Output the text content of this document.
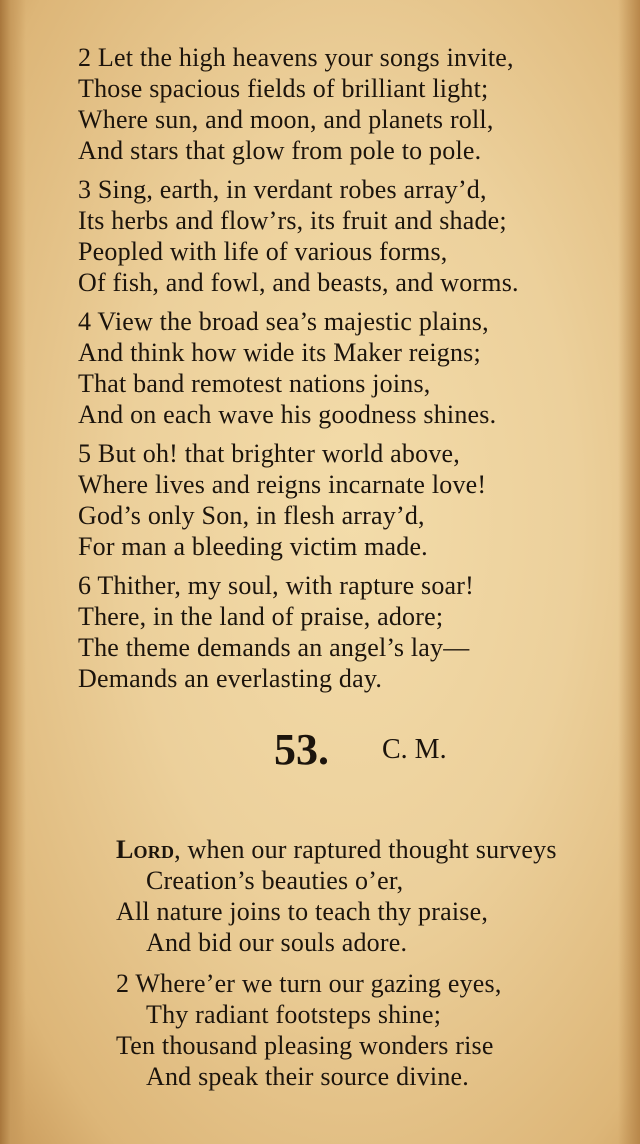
2 Let the high heavens your songs invite,
Those spacious fields of brilliant light;
Where sun, and moon, and planets roll,
And stars that glow from pole to pole.
3 Sing, earth, in verdant robes array’d,
Its herbs and flow’rs, its fruit and shade;
Peopled with life of various forms,
Of fish, and fowl, and beasts, and worms.
4 View the broad sea’s majestic plains,
And think how wide its Maker reigns;
That band remotest nations joins,
And on each wave his goodness shines.
5 But oh! that brighter world above,
Where lives and reigns incarnate love!
God’s only Son, in flesh array’d,
For man a bleeding victim made.
6 Thither, my soul, with rapture soar!
There, in the land of praise, adore;
The theme demands an angel’s lay—
Demands an everlasting day.
53. C. M.
Lord, when our raptured thought surveys
Creation’s beauties o’er,
All nature joins to teach thy praise,
And bid our souls adore.
2 Where’er we turn our gazing eyes,
Thy radiant footsteps shine;
Ten thousand pleasing wonders rise
And speak their source divine.
